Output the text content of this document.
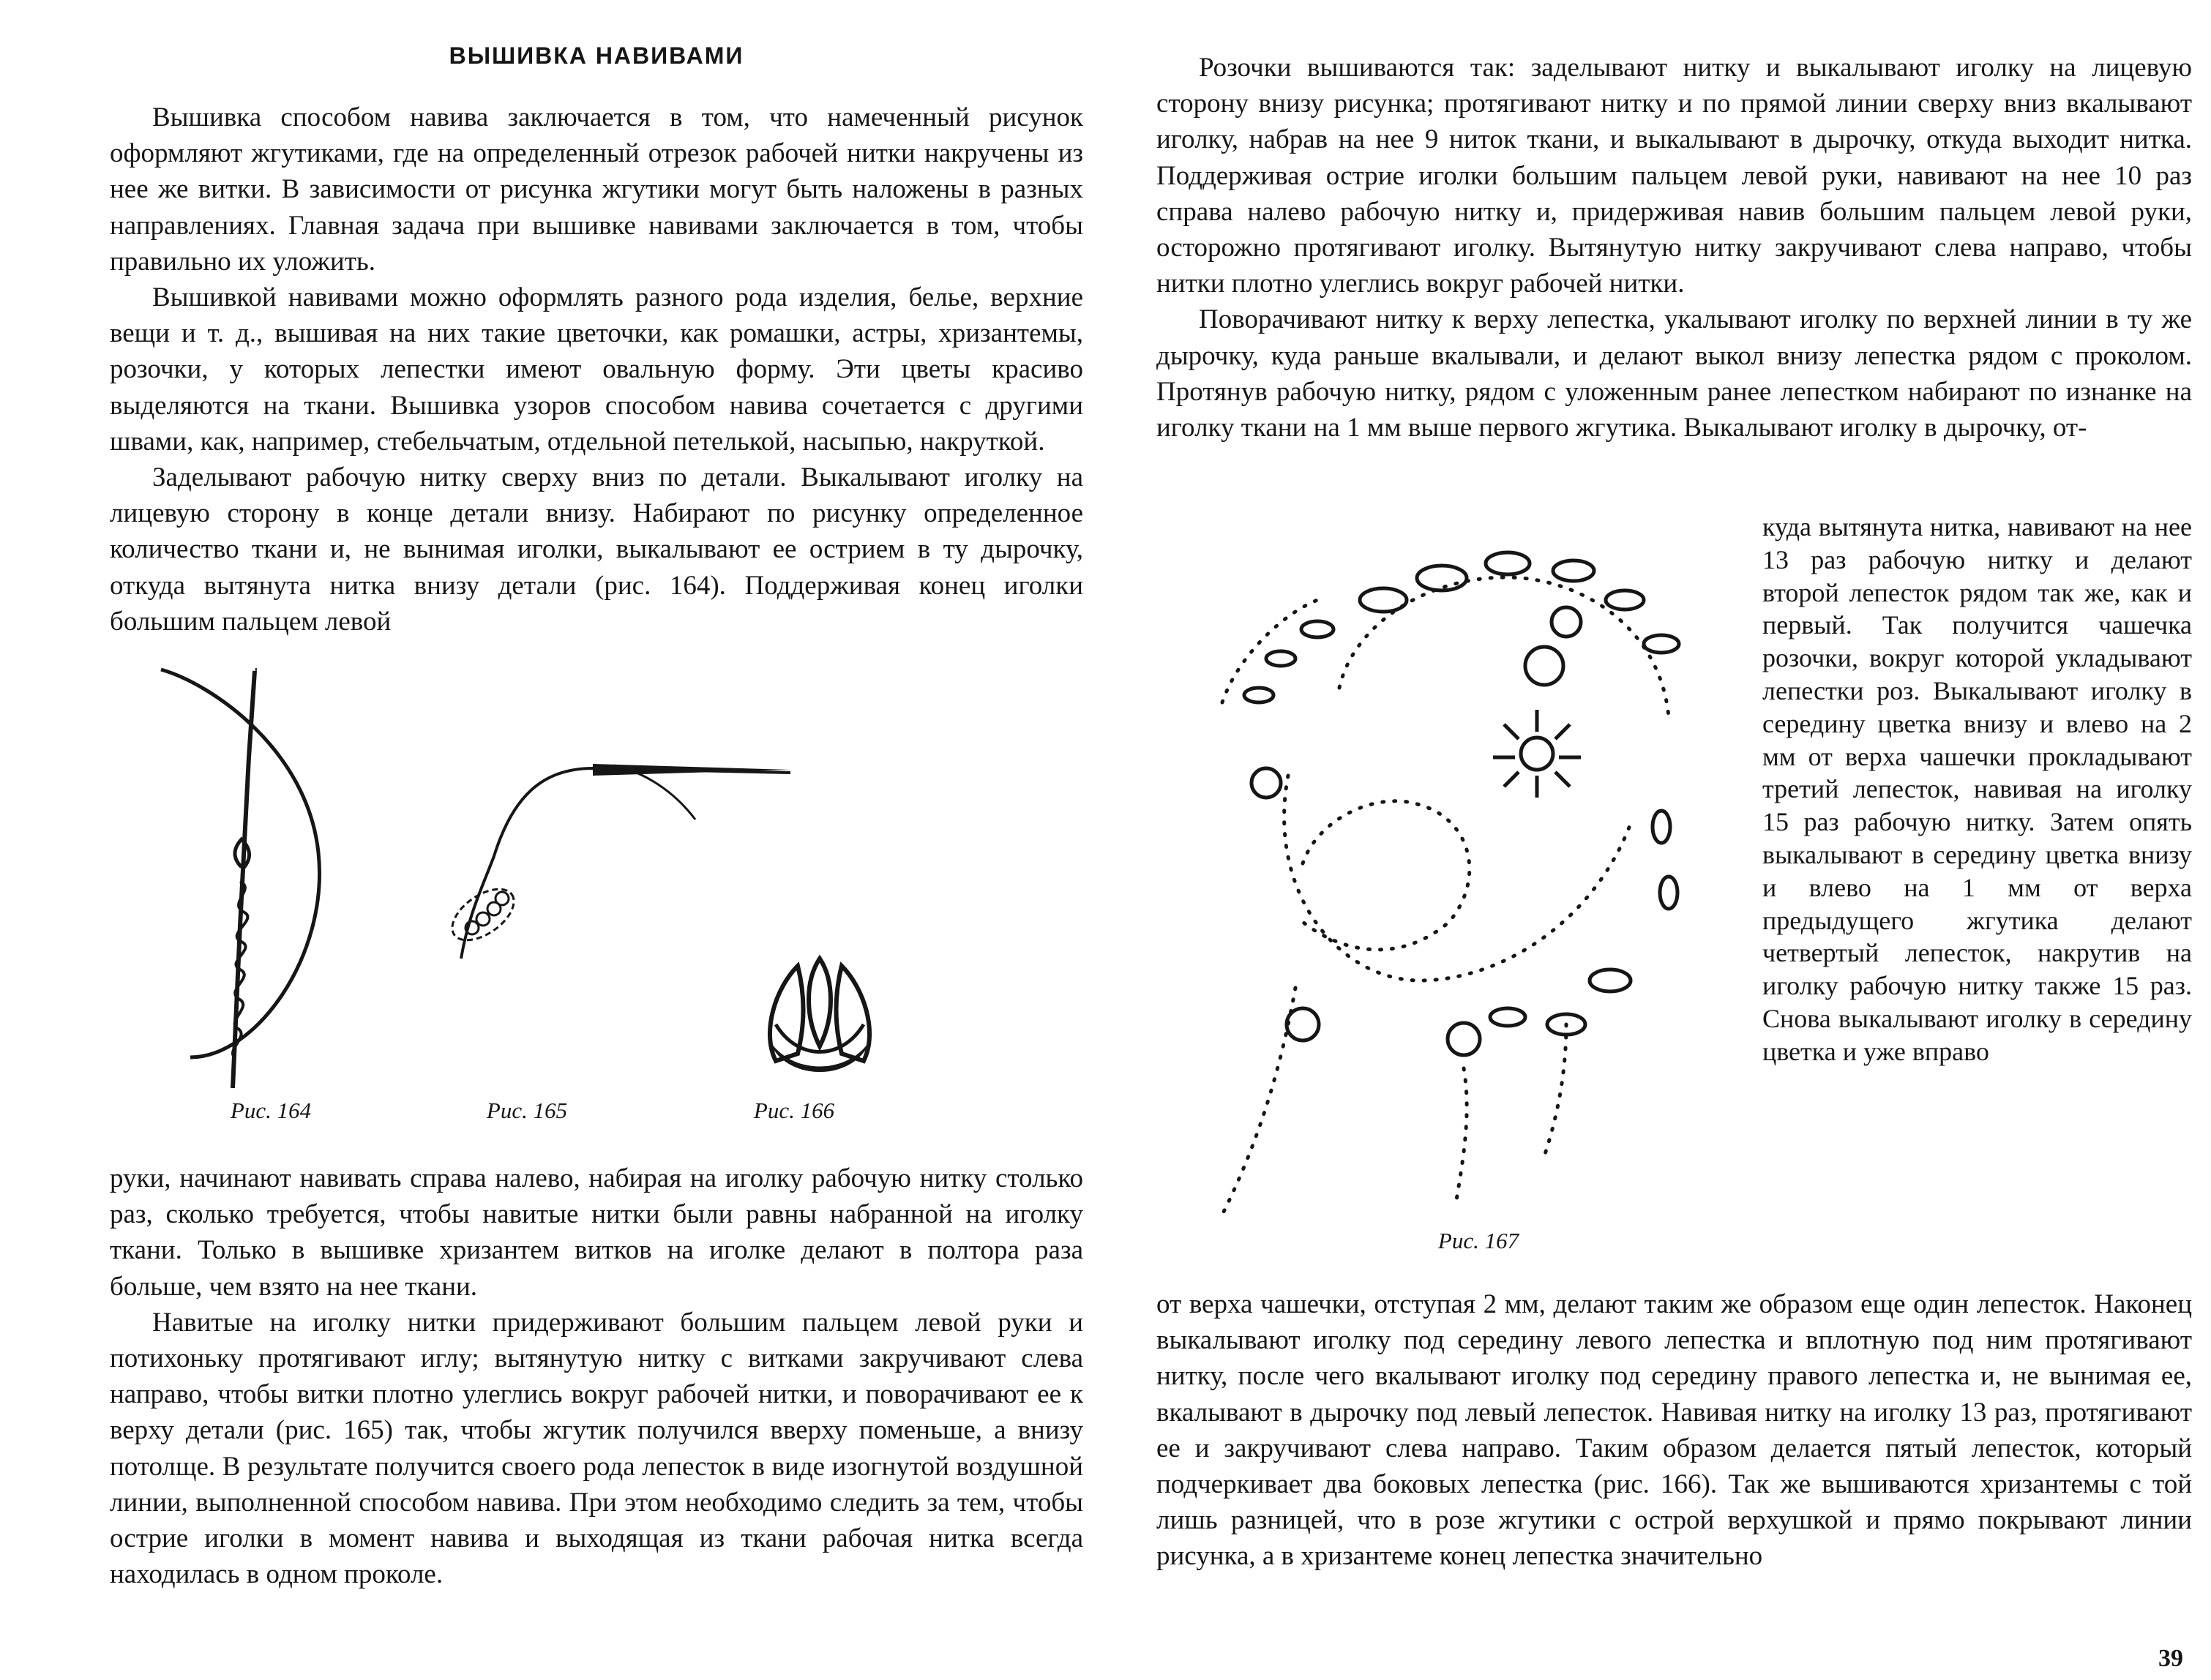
ВЫШИВКА НАВИВАМИ

Вышивка способом навива заключается в том, что намеченный рисунок оформляют жгутиками, где на определенный отрезок рабочей нитки накручены из нее же витки. В зависимости от рисунка жгутики могут быть наложены в разных направлениях. Главная задача при вышивке навивами заключается в том, чтобы правильно их уложить.

Вышивкой навивами можно оформлять разного рода изделия, белье, верхние вещи и т. д., вышивая на них такие цветочки, как ромашки, астры, хризантемы, розочки, у которых лепестки имеют овальную форму. Эти цветы красиво выделяются на ткани. Вышивка узоров способом навива сочетается с другими швами, как, например, стебельчатым, отдельной петелькой, насыпью, накруткой.

Заделывают рабочую нитку сверху вниз по детали. Выкалывают иголку на лицевую сторону в конце детали внизу. Набирают по рисунку определенное количество ткани и, не вынимая иголки, выкалывают ее острием в ту дырочку, откуда вытянута нитка внизу детали (рис. 164). Поддерживая конец иголки большим пальцем левой

Рис. 164	Рис. 165	Рис. 166

руки, начинают навивать справа налево, набирая на иголку рабочую нитку столько раз, сколько требуется, чтобы навитые нитки были равны набранной на иголку ткани. Только в вышивке хризантем витков на иголке делают в полтора раза больше, чем взято на нее ткани.

Навитые на иголку нитки придерживают большим пальцем левой руки и потихоньку протягивают иглу; вытянутую нитку с витками закручивают слева направо, чтобы витки плотно улеглись вокруг рабочей нитки, и поворачивают ее к верху детали (рис. 165) так, чтобы жгутик получился вверху поменьше, а внизу потолще. В результате получится своего рода лепесток в виде изогнутой воздушной линии, выполненной способом навива. При этом необходимо следить за тем, чтобы острие иголки в момент навива и выходящая из ткани рабочая нитка всегда находилась в одном проколе.

Розочки вышиваются так: заделывают нитку и выкалывают иголку на лицевую сторону внизу рисунка; протягивают нитку и по прямой линии сверху вниз вкалывают иголку, набрав на нее 9 ниток ткани, и выкалывают в дырочку, откуда выходит нитка. Поддерживая острие иголки большим пальцем левой руки, навивают на нее 10 раз справа налево рабочую нитку и, придерживая навив большим пальцем левой руки, осторожно протягивают иголку. Вытянутую нитку закручивают слева направо, чтобы нитки плотно улеглись вокруг рабочей нитки.

Поворачивают нитку к верху лепестка, укалывают иголку по верхней линии в ту же дырочку, куда раньше вкалывали, и делают выкол внизу лепестка рядом с проколом. Протянув рабочую нитку, рядом с уложенным ранее лепестком набирают по изнанке на иголку ткани на 1 мм выше первого жгутика. Выкалывают иголку в дырочку, от-

Рис. 167

куда вытянута нитка, навивают на нее 13 раз рабочую нитку и делают второй лепесток рядом так же, как и первый. Так получится чашечка розочки, вокруг которой укладывают лепестки роз. Выкалывают иголку в середину цветка внизу и влево на 2 мм от верха чашечки прокладывают третий лепесток, навивая на иголку 15 раз рабочую нитку. Затем опять выкалывают в середину цветка внизу и влево на 1 мм от верха предыдущего жгутика делают четвертый лепесток, накрутив на иголку рабочую нитку также 15 раз. Снова выкалывают иголку в середину цветка и уже вправо

от верха чашечки, отступая 2 мм, делают таким же образом еще один лепесток. Наконец выкалывают иголку под середину левого лепестка и вплотную под ним протягивают нитку, после чего вкалывают иголку под середину правого лепестка и, не вынимая ее, вкалывают в дырочку под левый лепесток. Навивая нитку на иголку 13 раз, протягивают ее и закручивают слева направо. Таким образом делается пятый лепесток, который подчеркивает два боковых лепестка (рис. 166). Так же вышиваются хризантемы с той лишь разницей, что в розе жгутики с острой верхушкой и прямо покрывают линии рисунка, а в хризантеме конец лепестка значительно

39
